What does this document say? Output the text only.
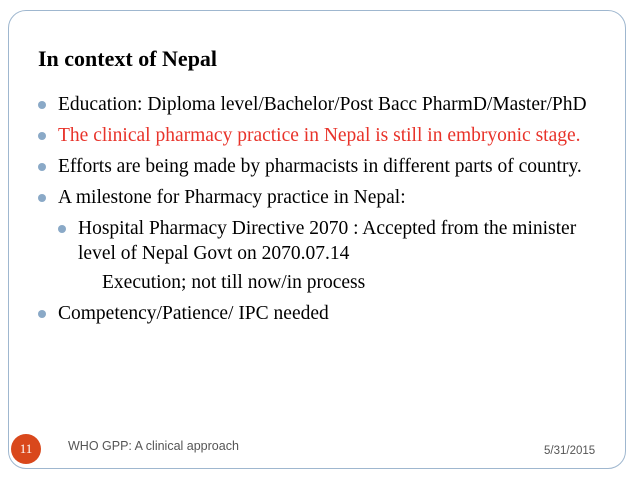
In context of Nepal
Education: Diploma level/Bachelor/Post Bacc PharmD/Master/PhD
The clinical pharmacy practice in Nepal is still in embryonic stage.
Efforts are being made by pharmacists in different parts of country.
A milestone for Pharmacy practice in Nepal:
Hospital Pharmacy Directive 2070 : Accepted from the minister level of Nepal Govt on 2070.07.14
Execution; not till now/in process
Competency/Patience/ IPC needed
11	WHO GPP: A clinical approach	5/31/2015
